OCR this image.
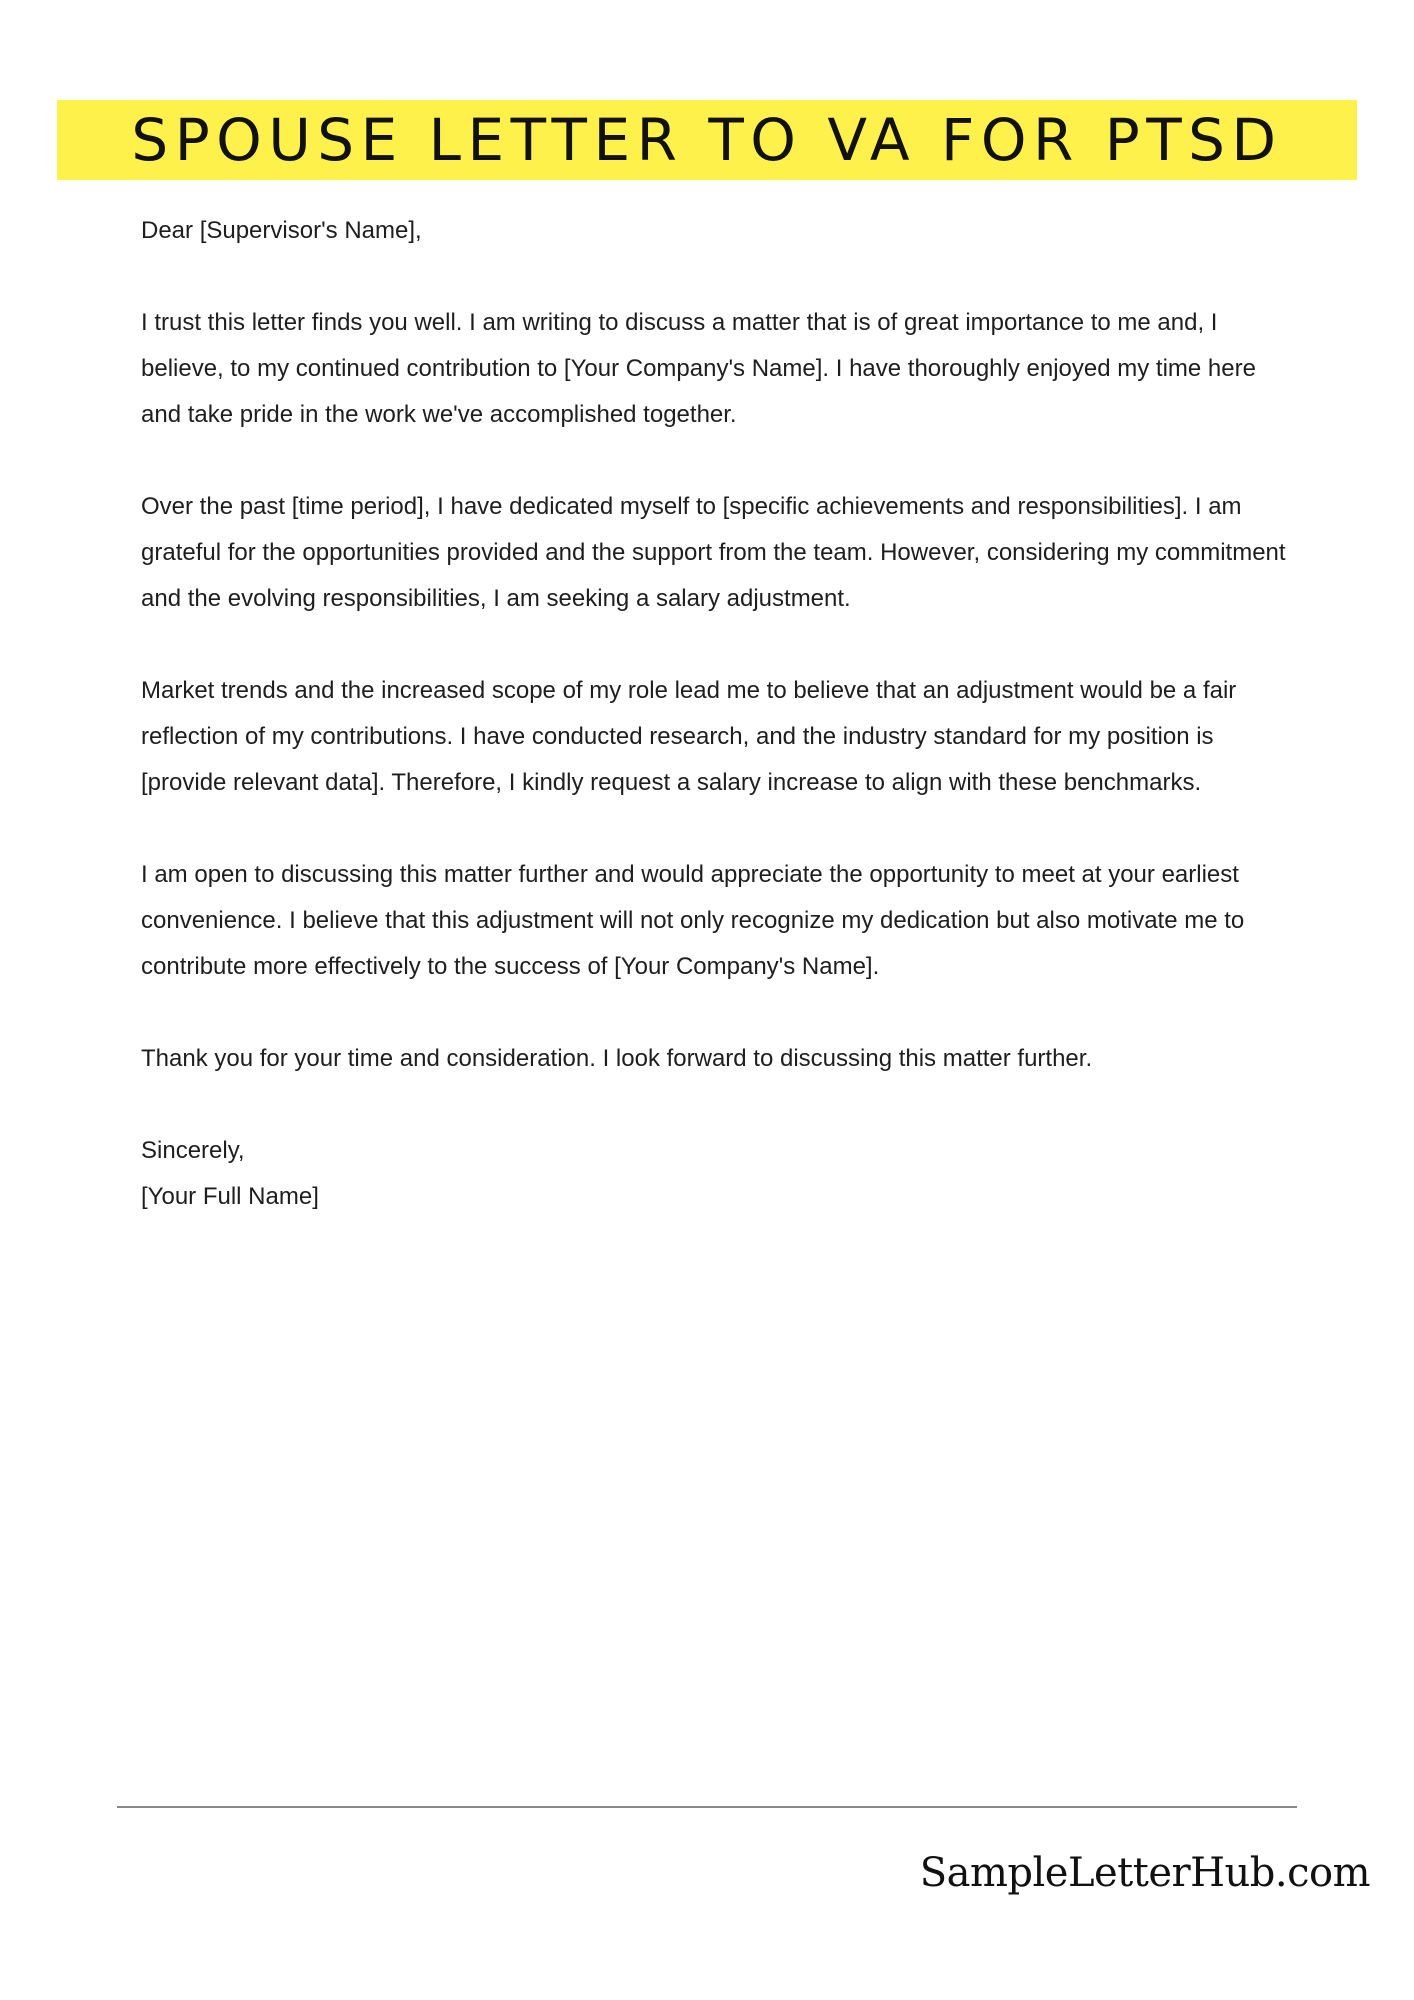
SPOUSE LETTER TO VA FOR PTSD

Dear [Supervisor's Name],

I trust this letter finds you well. I am writing to discuss a matter that is of great importance to me and, I believe, to my continued contribution to [Your Company's Name]. I have thoroughly enjoyed my time here and take pride in the work we've accomplished together.

Over the past [time period], I have dedicated myself to [specific achievements and responsibilities]. I am grateful for the opportunities provided and the support from the team. However, considering my commitment and the evolving responsibilities, I am seeking a salary adjustment.

Market trends and the increased scope of my role lead me to believe that an adjustment would be a fair reflection of my contributions. I have conducted research, and the industry standard for my position is [provide relevant data]. Therefore, I kindly request a salary increase to align with these benchmarks.

I am open to discussing this matter further and would appreciate the opportunity to meet at your earliest convenience. I believe that this adjustment will not only recognize my dedication but also motivate me to contribute more effectively to the success of [Your Company's Name].

Thank you for your time and consideration. I look forward to discussing this matter further.

Sincerely,

[Your Full Name]

SampleLetterHub.com
